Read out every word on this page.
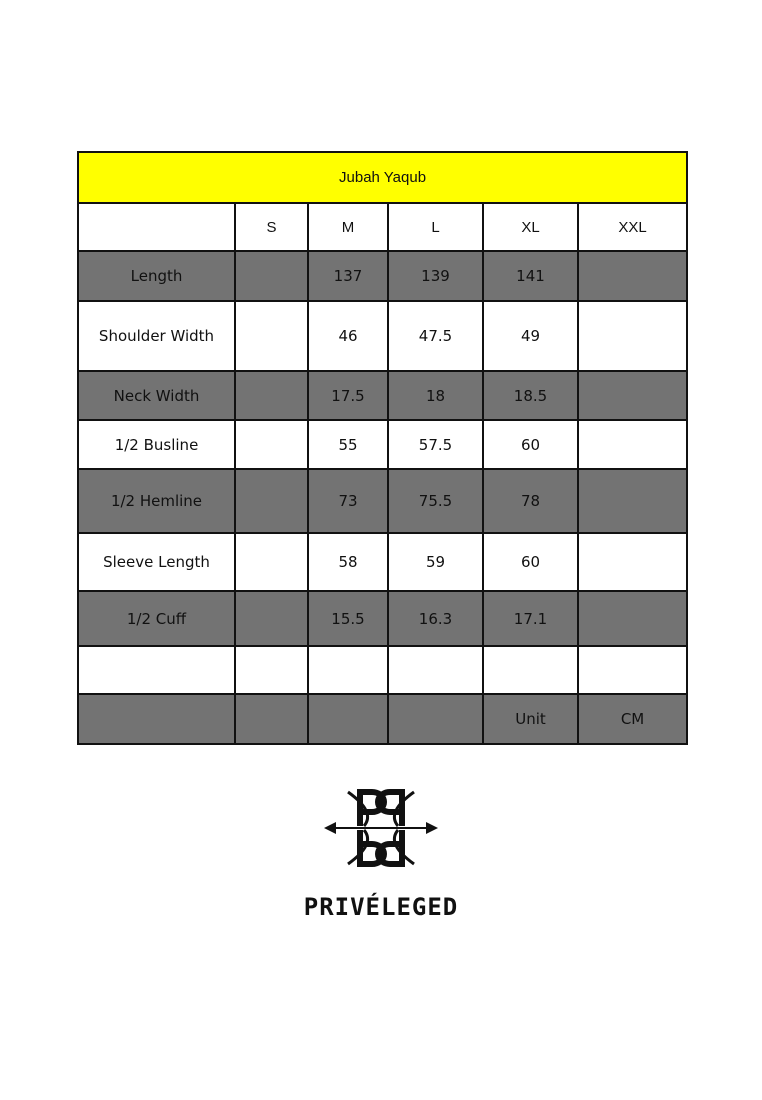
Jubah Yaqub					
	S	M	L	XL	XXL
Length		137	139	141	
Shoulder Width		46	47.5	49	
Neck Width		17.5	18	18.5	
1/2 Busline		55	57.5	60	
1/2 Hemline		73	75.5	78	
Sleeve Length		58	59	60	
1/2 Cuff		15.5	16.3	17.1	

				Unit	CM
PRIVÉLEGED
